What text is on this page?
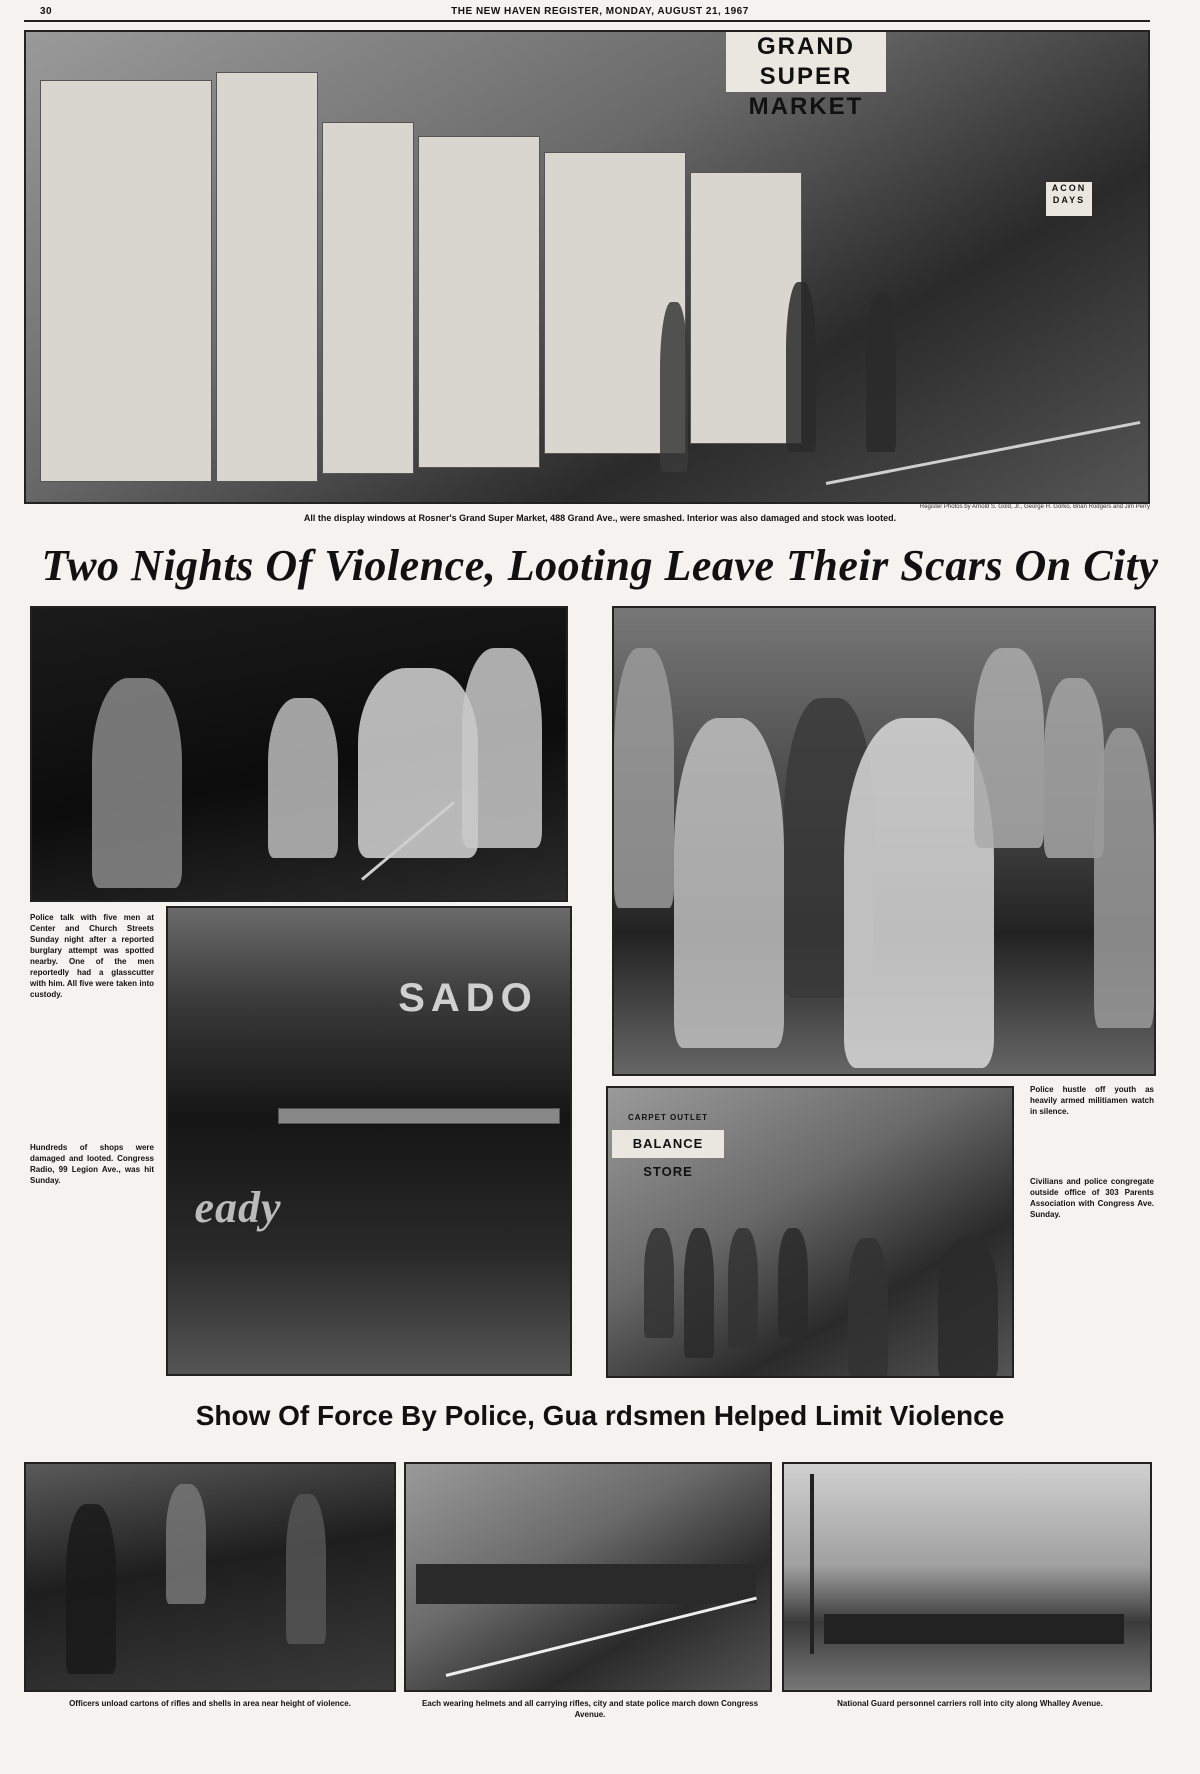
30	THE NEW HAVEN REGISTER, MONDAY, AUGUST 21, 1967
GRAND SUPER MARKET
ACON DAYS
Register Photos by Arnold S. Gold, Jr., George H. Gorko, Brian Rodgers and Jim Perry
All the display windows at Rosner's Grand Super Market, 488 Grand Ave., were smashed. Interior was also damaged and stock was looted.
Two Nights Of Violence, Looting Leave Their Scars On City
Police talk with five men at Center and Church Streets Sunday night after a reported burglary attempt was spotted nearby. One of the men reportedly had a glasscutter with him. All five were taken into custody.	SADO
eady
Hundreds of shops were damaged and looted. Congress Radio, 99 Legion Ave., was hit Sunday.
BALANCE STORE
CARPET OUTLET
Police hustle off youth as heavily armed militiamen watch in silence.
Civilians and police congregate outside office of 303 Parents Association with Congress Ave. Sunday.
Show Of Force By Police, Gua rdsmen Helped Limit Violence
Officers unload cartons of rifles and shells in area near height of violence.	Each wearing helmets and all carrying rifles, city and state police march down Congress Avenue.
National Guard personnel carriers roll into city along Whalley Avenue.
